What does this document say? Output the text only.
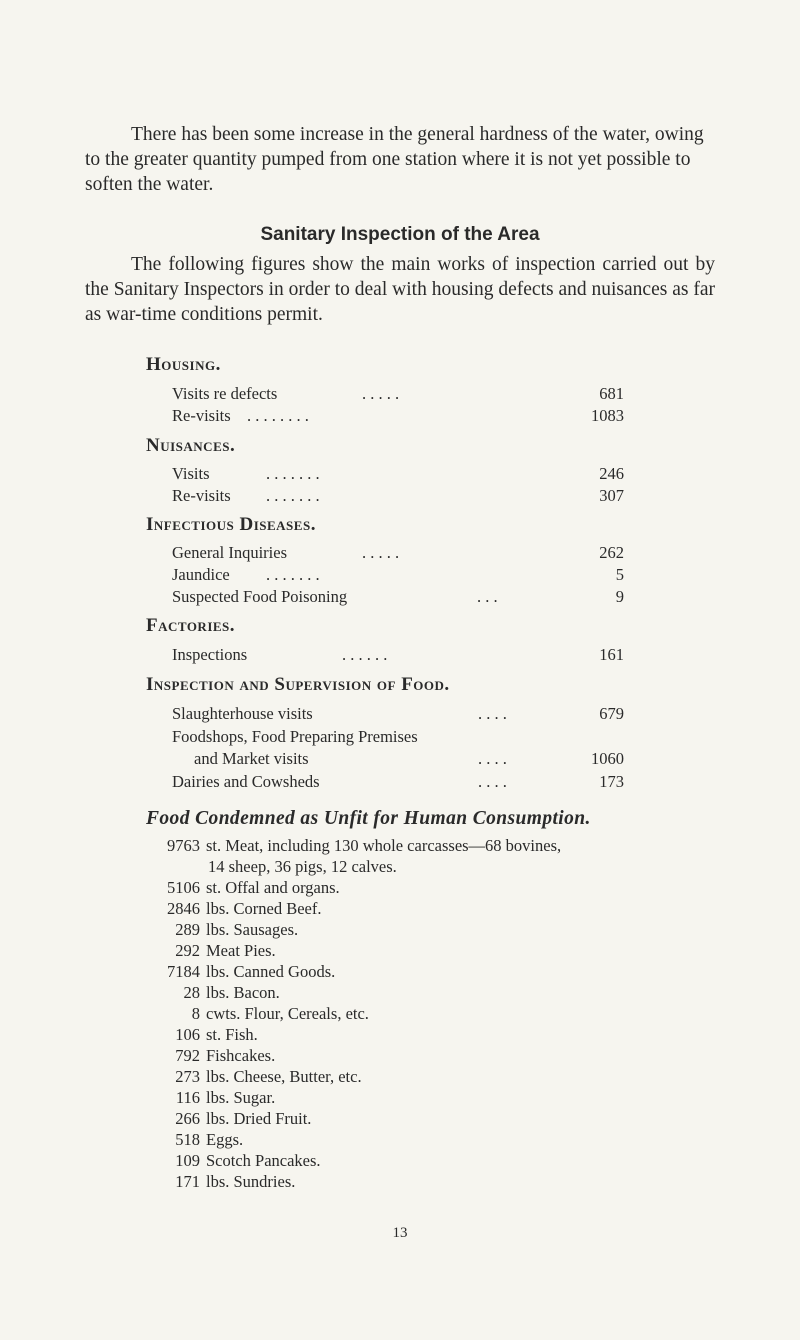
There has been some increase in the general hardness of the water, owing to the greater quantity pumped from one station where it is not yet possible to soften the water.

Sanitary Inspection of the Area

The following figures show the main works of inspection carried out by the Sanitary Inspectors in order to deal with housing defects and nuisances as far as war-time conditions permit.

Housing.
Visits re defects	. . . . .	681
Re-visits . . . . . . . .	1083
Nuisances.
Visits	. . . . . . .	246
Re-visits . . . . . . .	307
Infectious Diseases.
General Inquiries	. . . . .	262
Jaundice . . . . . . .	5
Suspected Food Poisoning	. . .	9
Factories.
Inspections	. . . . . .	161
Inspection and Supervision of Food.
Slaughterhouse visits	. . . .	679
Foodshops, Food Preparing Premises
and Market visits	. . . .	1060
Dairies and Cowsheds	. . . .	173
Food Condemned as Unfit for Human Consumption.
9763 st. Meat, including 130 whole carcasses—68 bovines,
14 sheep, 36 pigs, 12 calves.
5106 st. Offal and organs.
2846 lbs. Corned Beef.
289 lbs. Sausages.
292 Meat Pies.
7184 lbs. Canned Goods.
28 lbs. Bacon.
8 cwts. Flour, Cereals, etc.
106 st. Fish.
792 Fishcakes.
273 lbs. Cheese, Butter, etc.
116 lbs. Sugar.
266 lbs. Dried Fruit.
518 Eggs.
109 Scotch Pancakes.
171 lbs. Sundries.

13
